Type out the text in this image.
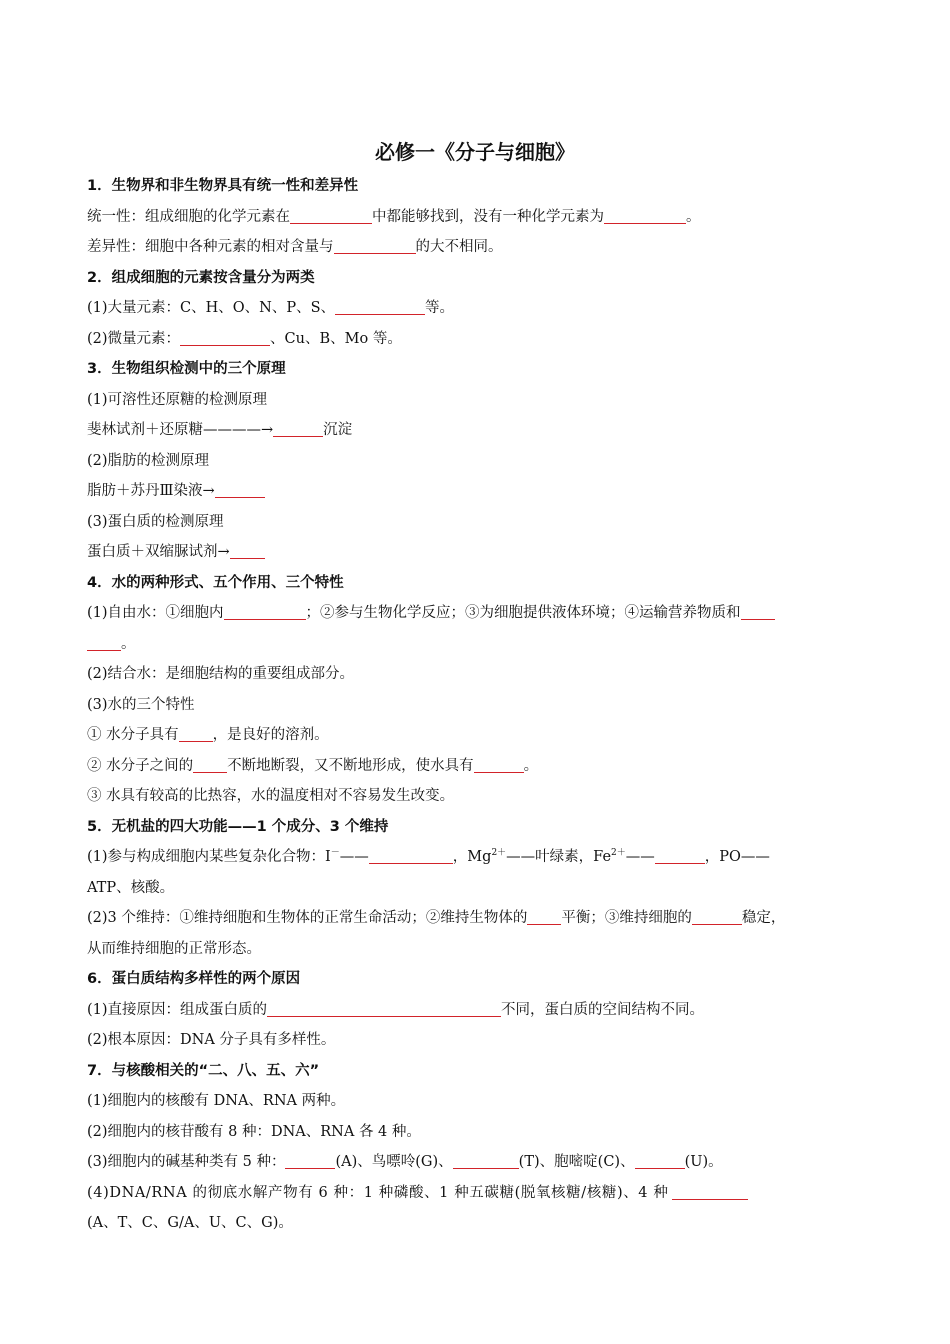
必修一《分子与细胞》
1．生物界和非生物界具有统一性和差异性
统一性：组成细胞的化学元素在	中都能够找到，没有一种化学元素为	。
差异性：细胞中各种元素的相对含量与	的大不相同。
2．组成细胞的元素按含量分为两类
(1)大量元素：C、H、O、N、P、S、	等。
(2)微量元素：	、Cu、B、Mo 等。
3．生物组织检测中的三个原理
(1)可溶性还原糖的检测原理
斐林试剂＋还原糖————→	沉淀
(2)脂肪的检测原理
脂肪＋苏丹Ⅲ染液→
(3)蛋白质的检测原理
蛋白质＋双缩脲试剂→
4．水的两种形式、五个作用、三个特性
(1)自由水：①细胞内	；②参与生物化学反应；③为细胞提供液体环境；④运输营养物质和
。
(2)结合水：是细胞结构的重要组成部分。
(3)水的三个特性
① 水分子具有 ，是良好的溶剂。
② 水分子之间的 不断地断裂，又不断地形成，使水具有	。
③ 水具有较高的比热容，水的温度相对不容易发生改变。
5．无机盐的四大功能——1 个成分、3 个维持
(1)参与构成细胞内某些复杂化合物：I－——	，$Mg^{2+}——$叶绿素，$Fe^{2+}——$	，PO——
ATP、核酸。
(2)3 个维持：①维持细胞和生物体的正常生命活动；②维持生物体的 平衡；③维持细胞的	稳定，
从而维持细胞的正常形态。
6．蛋白质结构多样性的两个原因
(1)直接原因：组成蛋白质的	不同，蛋白质的空间结构不同。
(2)根本原因：DNA 分子具有多样性。
7．与核酸相关的“二、八、五、六”
(1)细胞内的核酸有 DNA、RNA 两种。
(2)细胞内的核苷酸有 8 种：DNA、RNA 各 4 种。
(3)细胞内的碱基种类有 5 种：	(A)、鸟嘌呤(G)、	(T)、胞嘧啶(C)、	(U)。
(4)DNA/RNA 的彻底水解产物有 6 种：1 种磷酸、1 种五碳糖(脱氧核糖/核糖)、4 种
(A、T、C、G/A、U、C、G)。
